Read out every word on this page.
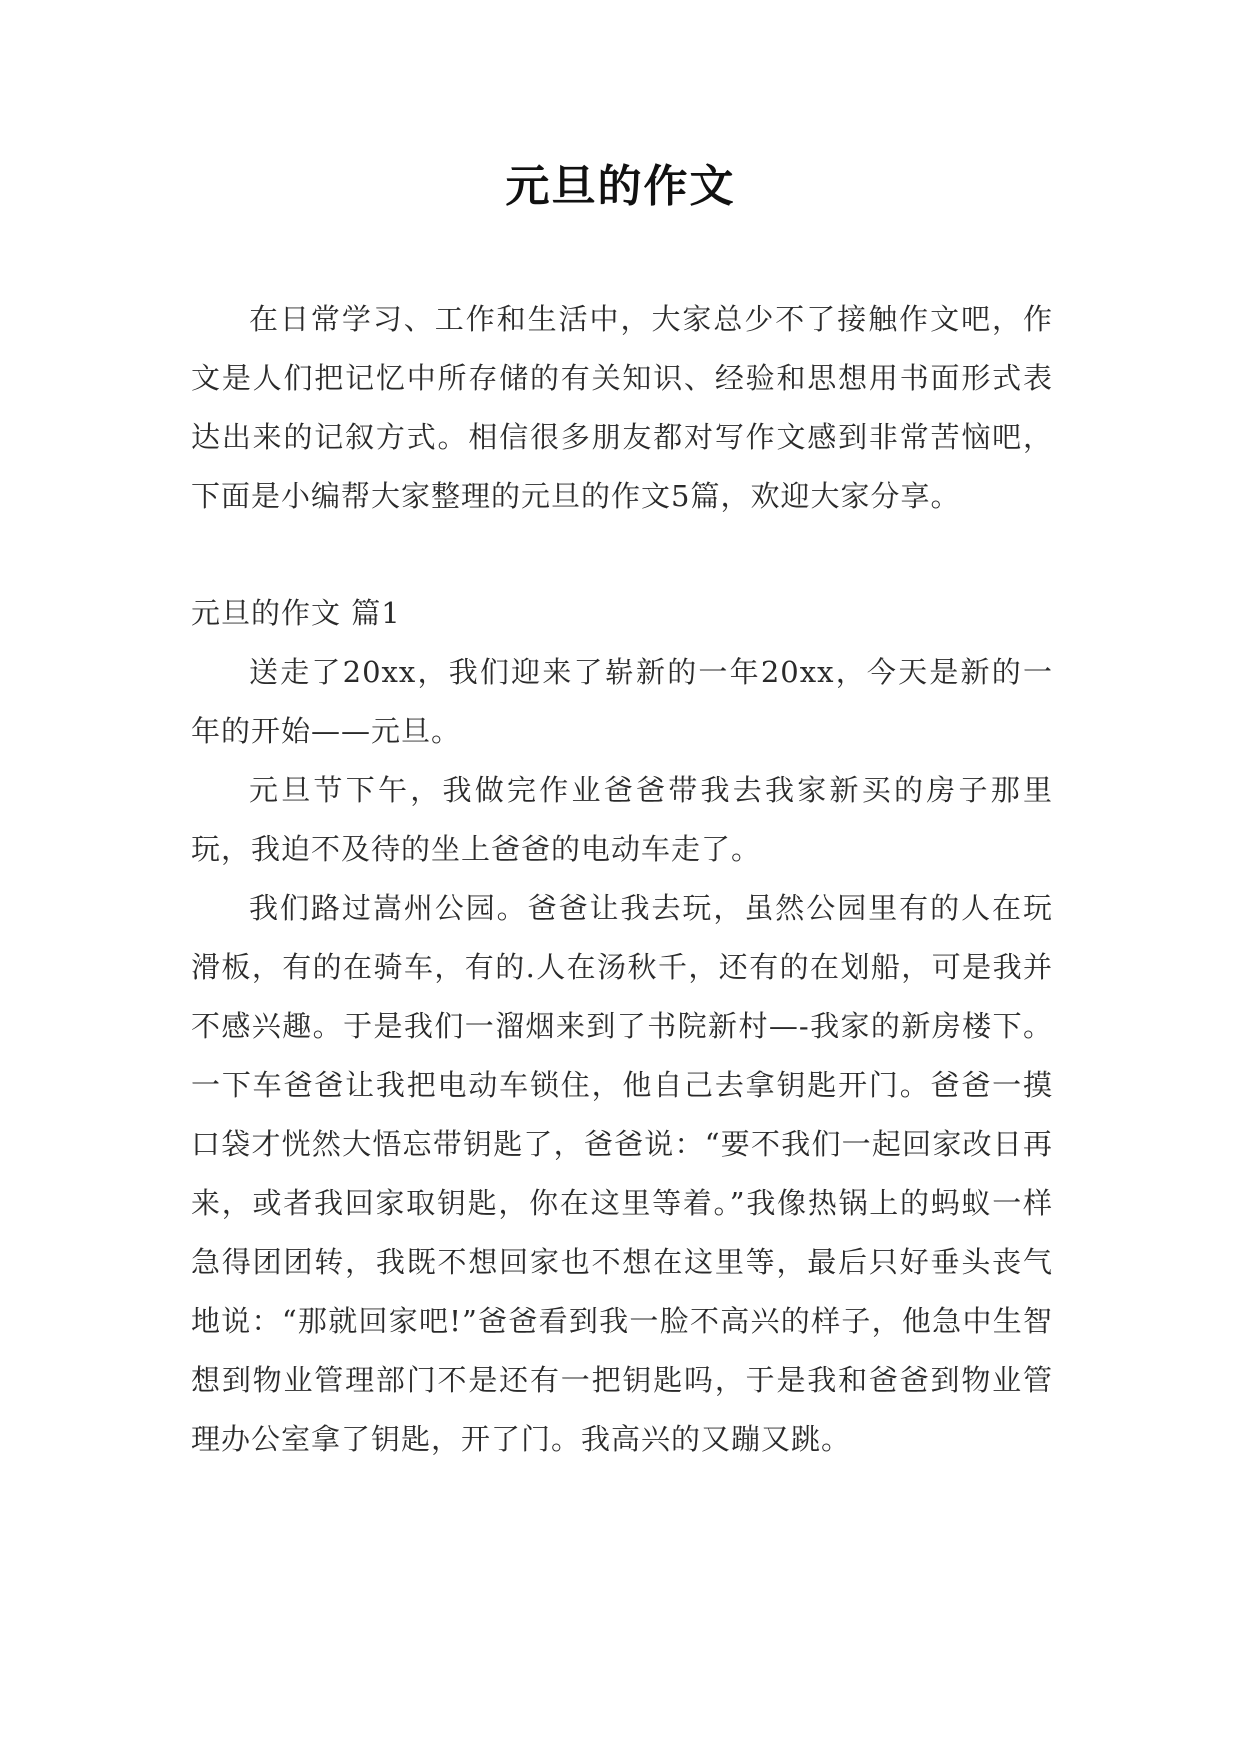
元旦的作文

在日常学习、工作和生活中，大家总少不了接触作文吧，作文是人们把记忆中所存储的有关知识、经验和思想用书面形式表达出来的记叙方式。相信很多朋友都对写作文感到非常苦恼吧，下面是小编帮大家整理的元旦的作文5篇，欢迎大家分享。

元旦的作文 篇1

送走了20xx，我们迎来了崭新的一年20xx，今天是新的一年的开始——元旦。

元旦节下午，我做完作业爸爸带我去我家新买的房子那里玩，我迫不及待的坐上爸爸的电动车走了。

我们路过嵩州公园。爸爸让我去玩，虽然公园里有的人在玩滑板，有的在骑车，有的.人在汤秋千，还有的在划船，可是我并不感兴趣。于是我们一溜烟来到了书院新村—-我家的新房楼下。一下车爸爸让我把电动车锁住，他自己去拿钥匙开门。爸爸一摸口袋才恍然大悟忘带钥匙了，爸爸说：“要不我们一起回家改日再来，或者我回家取钥匙，你在这里等着。”我像热锅上的蚂蚁一样急得团团转，我既不想回家也不想在这里等，最后只好垂头丧气地说：“那就回家吧!”爸爸看到我一脸不高兴的样子，他急中生智想到物业管理部门不是还有一把钥匙吗，于是我和爸爸到物业管理办公室拿了钥匙，开了门。我高兴的又蹦又跳。
